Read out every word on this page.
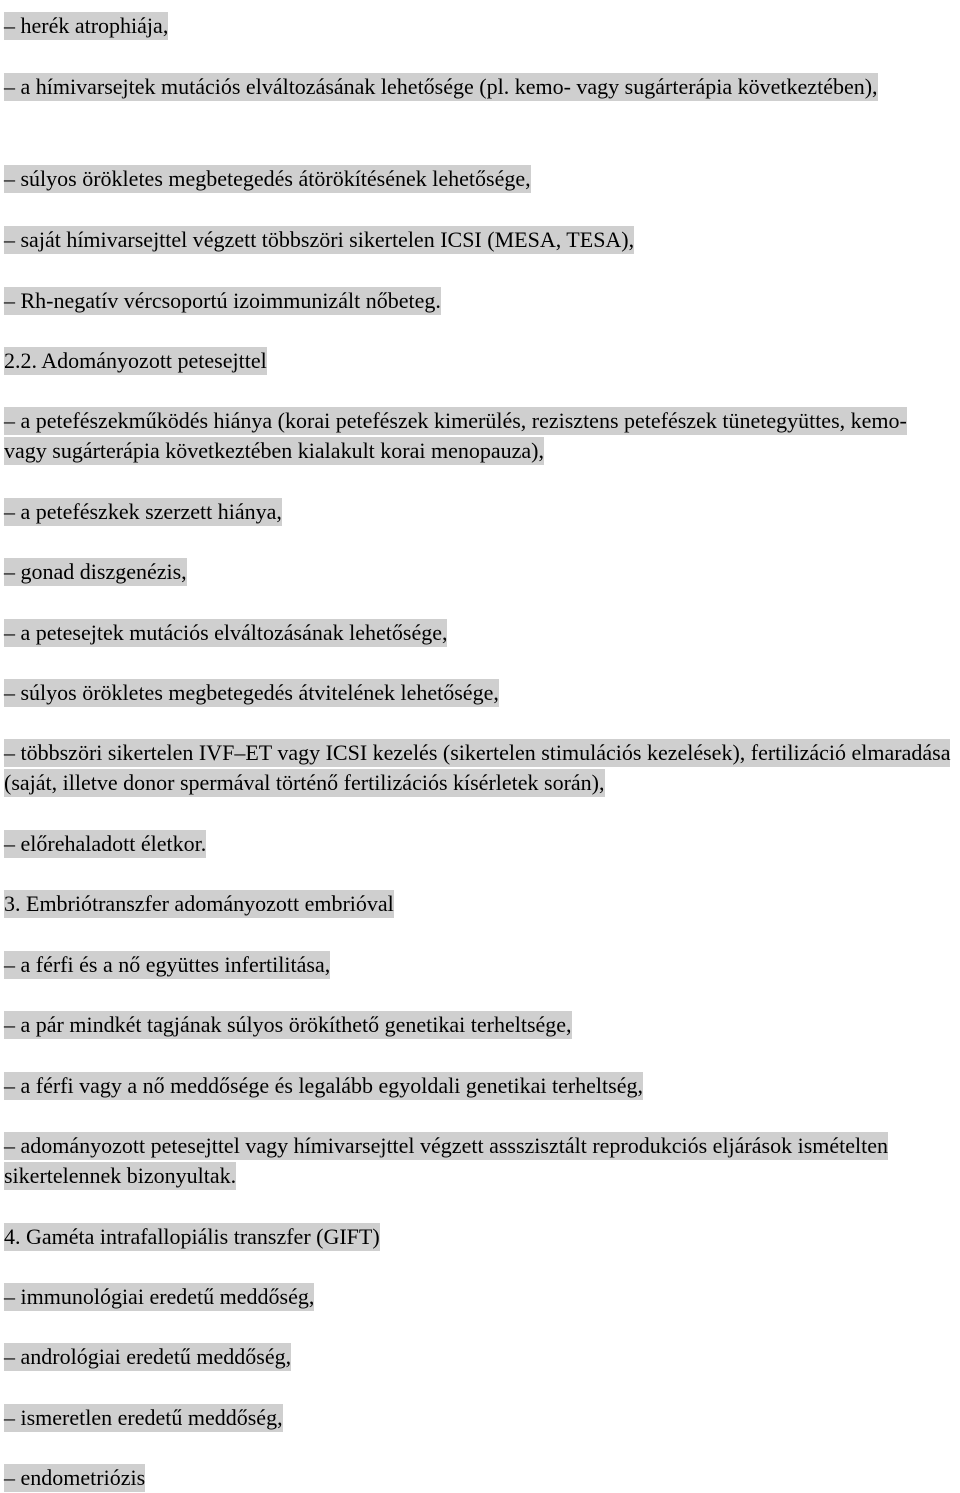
– herék atrophiája,

– a hímivarsejtek mutációs elváltozásának lehetősége (pl. kemo- vagy sugárterápia következtében),

– súlyos örökletes megbetegedés átörökítésének lehetősége,

– saját hímivarsejttel végzett többszöri sikertelen ICSI (MESA, TESA),

– Rh-negatív vércsoportú izoimmunizált nőbeteg.

2.2. Adományozott petesejttel

– a petefészekműködés hiánya (korai petefészek kimerülés, rezisztens petefészek tünetegyüttes, kemo- vagy sugárterápia következtében kialakult korai menopauza),

– a petefészkek szerzett hiánya,

– gonad diszgenézis,

– a petesejtek mutációs elváltozásának lehetősége,

– súlyos örökletes megbetegedés átvitelének lehetősége,

– többszöri sikertelen IVF–ET vagy ICSI kezelés (sikertelen stimulációs kezelések), fertilizáció elmaradása (saját, illetve donor spermával történő fertilizációs kísérletek során),

– előrehaladott életkor.

3. Embriótranszfer adományozott embrióval

– a férfi és a nő együttes infertilitása,

– a pár mindkét tagjának súlyos örökíthető genetikai terheltsége,

– a férfi vagy a nő meddősége és legalább egyoldali genetikai terheltség,

– adományozott petesejttel vagy hímivarsejttel végzett assszisztált reprodukciós eljárások ismételten sikertelennek bizonyultak.

4. Gaméta intrafallopiális transzfer (GIFT)

– immunológiai eredetű meddőség,

– andrológiai eredetű meddőség,

– ismeretlen eredetű meddőség,

– endometriózis
